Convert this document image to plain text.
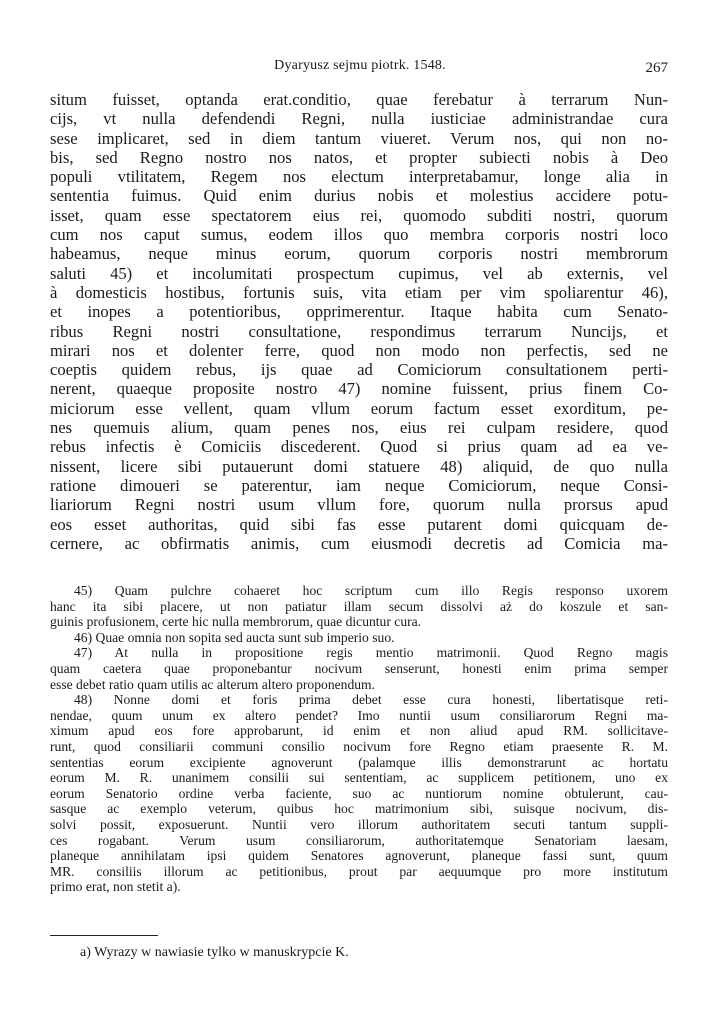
Dyaryusz sejmu piotrk. 1548.	267
situm fuisset, optanda erat.conditio, quae ferebatur à terrarum Nun-
cijs, vt nulla defendendi Regni, nulla iusticiae administrandae cura
sese implicaret, sed in diem tantum viueret. Verum nos, qui non no-
bis, sed Regno nostro nos natos, et propter subiecti nobis à Deo
populi vtilitatem, Regem nos electum interpretabamur, longe alia in
sententia fuimus. Quid enim durius nobis et molestius accidere potu-
isset, quam esse spectatorem eius rei, quomodo subditi nostri, quorum
cum nos caput sumus, eodem illos quo membra corporis nostri loco
habeamus, neque minus eorum, quorum corporis nostri membrorum
saluti 45) et incolumitati prospectum cupimus, vel ab externis, vel
à domesticis hostibus, fortunis suis, vita etiam per vim spoliarentur 46),
et inopes a potentioribus, opprimerentur. Itaque habita cum Senato-
ribus Regni nostri consultatione, respondimus terrarum Nuncijs, et
mirari nos et dolenter ferre, quod non modo non perfectis, sed ne
coeptis quidem rebus, ijs quae ad Comiciorum consultationem perti-
nerent, quaeque proposite nostro 47) nomine fuissent, prius finem Co-
miciorum esse vellent, quam vllum eorum factum esset exorditum, pe-
nes quemuis alium, quam penes nos, eius rei culpam residere, quod
rebus infectis è Comiciis discederent. Quod si prius quam ad ea ve-
nissent, licere sibi putauerunt domi statuere 48) aliquid, de quo nulla
ratione dimoueri se paterentur, iam neque Comiciorum, neque Consi-
liariorum Regni nostri usum vllum fore, quorum nulla prorsus apud
eos esset authoritas, quid sibi fas esse putarent domi quicquam de-
cernere, ac obfirmatis animis, cum eiusmodi decretis ad Comicia ma-
45) Quam pulchre cohaeret hoc scriptum cum illo Regis responso uxorem
hanc ita sibi placere, ut non patiatur illam secum dissolvi aż do koszule et san-
guinis profusionem, certe hic nulla membrorum, quae dicuntur cura.
46) Quae omnia non sopita sed aucta sunt sub imperio suo.
47) At nulla in propositione regis mentio matrimonii. Quod Regno magis
quam caetera quae proponebantur nocivum senserunt, honesti enim prima semper
esse debet ratio quam utilis ac alterum altero proponendum.
48) Nonne domi et foris prima debet esse cura honesti, libertatisque reti-
nendae, quum unum ex altero pendet? Imo nuntii usum consiliarorum Regni ma-
ximum apud eos fore approbarunt, id enim et non aliud apud RM. sollicitave-
runt, quod consiliarii communi consilio nocivum fore Regno etiam praesente R. M.
sententias eorum excipiente agnoverunt (palamque illis demonstrarunt ac hortatu
eorum M. R. unanimem consilii sui sententiam, ac supplicem petitionem, uno ex
eorum Senatorio ordine verba faciente, suo ac nuntiorum nomine obtulerunt, cau-
sasque ac exemplo veterum, quibus hoc matrimonium sibi, suisque nocivum, dis-
solvi possit, exposuerunt. Nuntii vero illorum authoritatem secuti tantum suppli-
ces rogabant. Verum usum consiliarorum, authoritatemque Senatoriam laesam,
planeque annihilatam ipsi quidem Senatores agnoverunt, planeque fassi sunt, quum
MR. consiliis illorum ac petitionibus, prout par aequumque pro more institutum
primo erat, non stetit a).
a) Wyrazy w nawiasie tylko w manuskrypcie K.
